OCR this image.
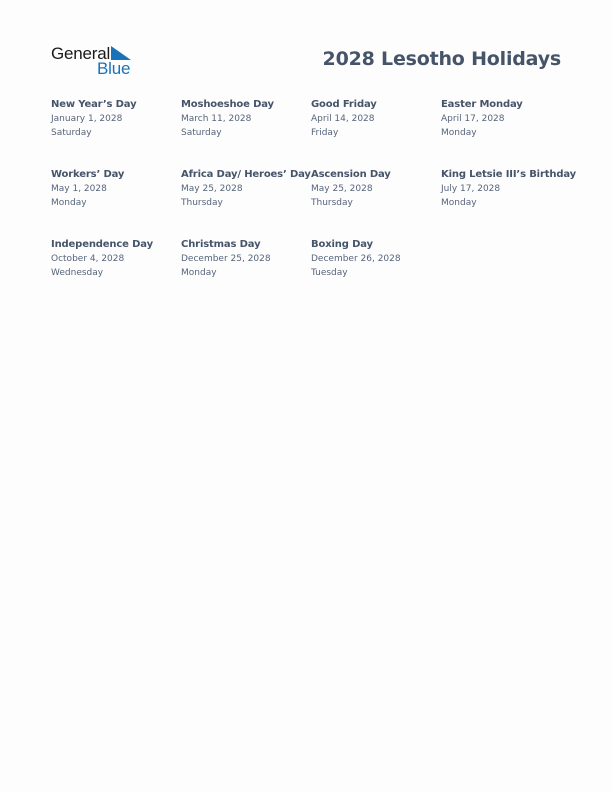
General
Blue	2028 Lesotho Holidays
New Year’s Day
January 1, 2028
Saturday
Moshoeshoe Day
March 11, 2028
Saturday
Good Friday
April 14, 2028
Friday
Easter Monday
April 17, 2028
Monday
Workers’ Day
May 1, 2028
Monday
Africa Day/ Heroes’ Day
May 25, 2028
Thursday
Ascension Day
May 25, 2028
Thursday
King Letsie III’s Birthday
July 17, 2028
Monday
Independence Day
October 4, 2028
Wednesday
Christmas Day
December 25, 2028
Monday
Boxing Day
December 26, 2028
Tuesday
